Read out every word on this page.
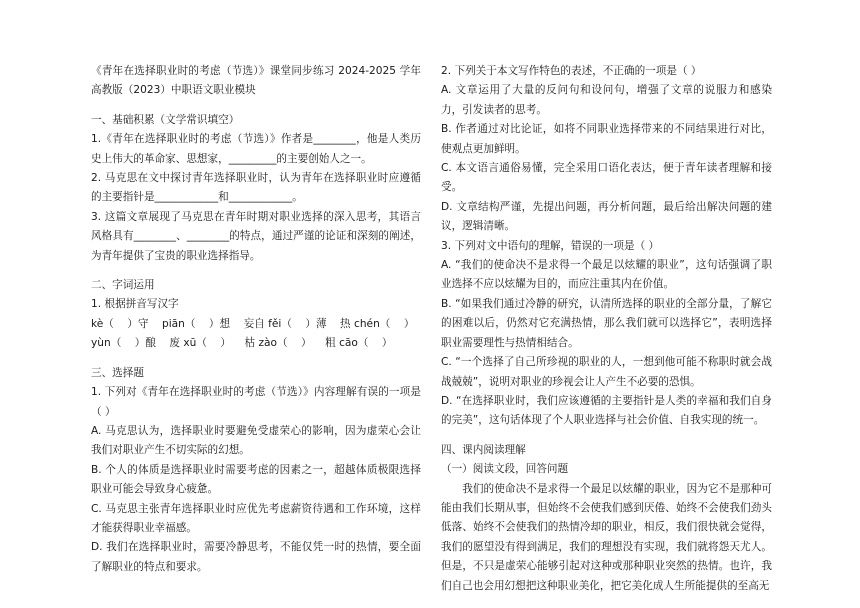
《青年在选择职业时的考虑（节选）》课堂同步练习 2024-2025 学年高教版（2023）中职语文职业模块

一、基础积累（文学常识填空）

1.《青年在选择职业时的考虑（节选）》作者是________，他是人类历史上伟大的革命家、思想家，_________的主要创始人之一。

2. 马克思在文中探讨青年选择职业时，认为青年在选择职业时应遵循的主要指针是____________和____________。

3. 这篇文章展现了马克思在青年时期对职业选择的深入思考，其语言风格具有________、________的特点，通过严谨的论证和深刻的阐述，为青年提供了宝贵的职业选择指导。

二、字词运用

1. 根据拼音写汉字

kè（    ）守    piān（    ）想    妄自 fěi（    ）薄    热 chén（    ）

yùn（    ）酿    废 xū（    ）    枯 zào（    ）    粗 cāo（    ）

三、选择题

1. 下列对《青年在选择职业时的考虑（节选）》内容理解有误的一项是（ ）

A. 马克思认为，选择职业时要避免受虚荣心的影响，因为虚荣心会让我们对职业产生不切实际的幻想。

B. 个人的体质是选择职业时需要考虑的因素之一，超越体质极限选择职业可能会导致身心疲惫。

C. 马克思主张青年选择职业时应优先考虑薪资待遇和工作环境，这样才能获得职业幸福感。

D. 我们在选择职业时，需要冷静思考，不能仅凭一时的热情，要全面了解职业的特点和要求。

2. 下列关于本文写作特色的表述，不正确的一项是（ ）

A. 文章运用了大量的反问句和设问句，增强了文章的说服力和感染力，引发读者的思考。

B. 作者通过对比论证，如将不同职业选择带来的不同结果进行对比，使观点更加鲜明。

C. 本文语言通俗易懂，完全采用口语化表达，便于青年读者理解和接受。

D. 文章结构严谨，先提出问题，再分析问题，最后给出解决问题的建议，逻辑清晰。

3. 下列对文中语句的理解，错误的一项是（ ）

A. “我们的使命决不是求得一个最足以炫耀的职业”，这句话强调了职业选择不应以炫耀为目的，而应注重其内在价值。

B. “如果我们通过冷静的研究，认清所选择的职业的全部分量，了解它的困难以后，仍然对它充满热情，那么我们就可以选择它”，表明选择职业需要理性与热情相结合。

C. “一个选择了自己所珍视的职业的人，一想到他可能不称职时就会战战兢兢”，说明对职业的珍视会让人产生不必要的恐惧。

D. “在选择职业时，我们应该遵循的主要指针是人类的幸福和我们自身的完美”，这句话体现了个人职业选择与社会价值、自我实现的统一。

四、课内阅读理解

（一）阅读文段，回答问题

我们的使命决不是求得一个最足以炫耀的职业，因为它不是那种可能由我们长期从事，但始终不会使我们感到厌倦、始终不会使我们劲头低落、始终不会使我们的热情冷却的职业，相反，我们很快就会觉得，我们的愿望没有得到满足，我们的理想没有实现，我们就将怨天尤人。但是，不只是虚荣心能够引起对这种或那种职业突然的热情。也许，我们自己也会用幻想把这种职业美化，把它美化成人生所能提供的至高无
